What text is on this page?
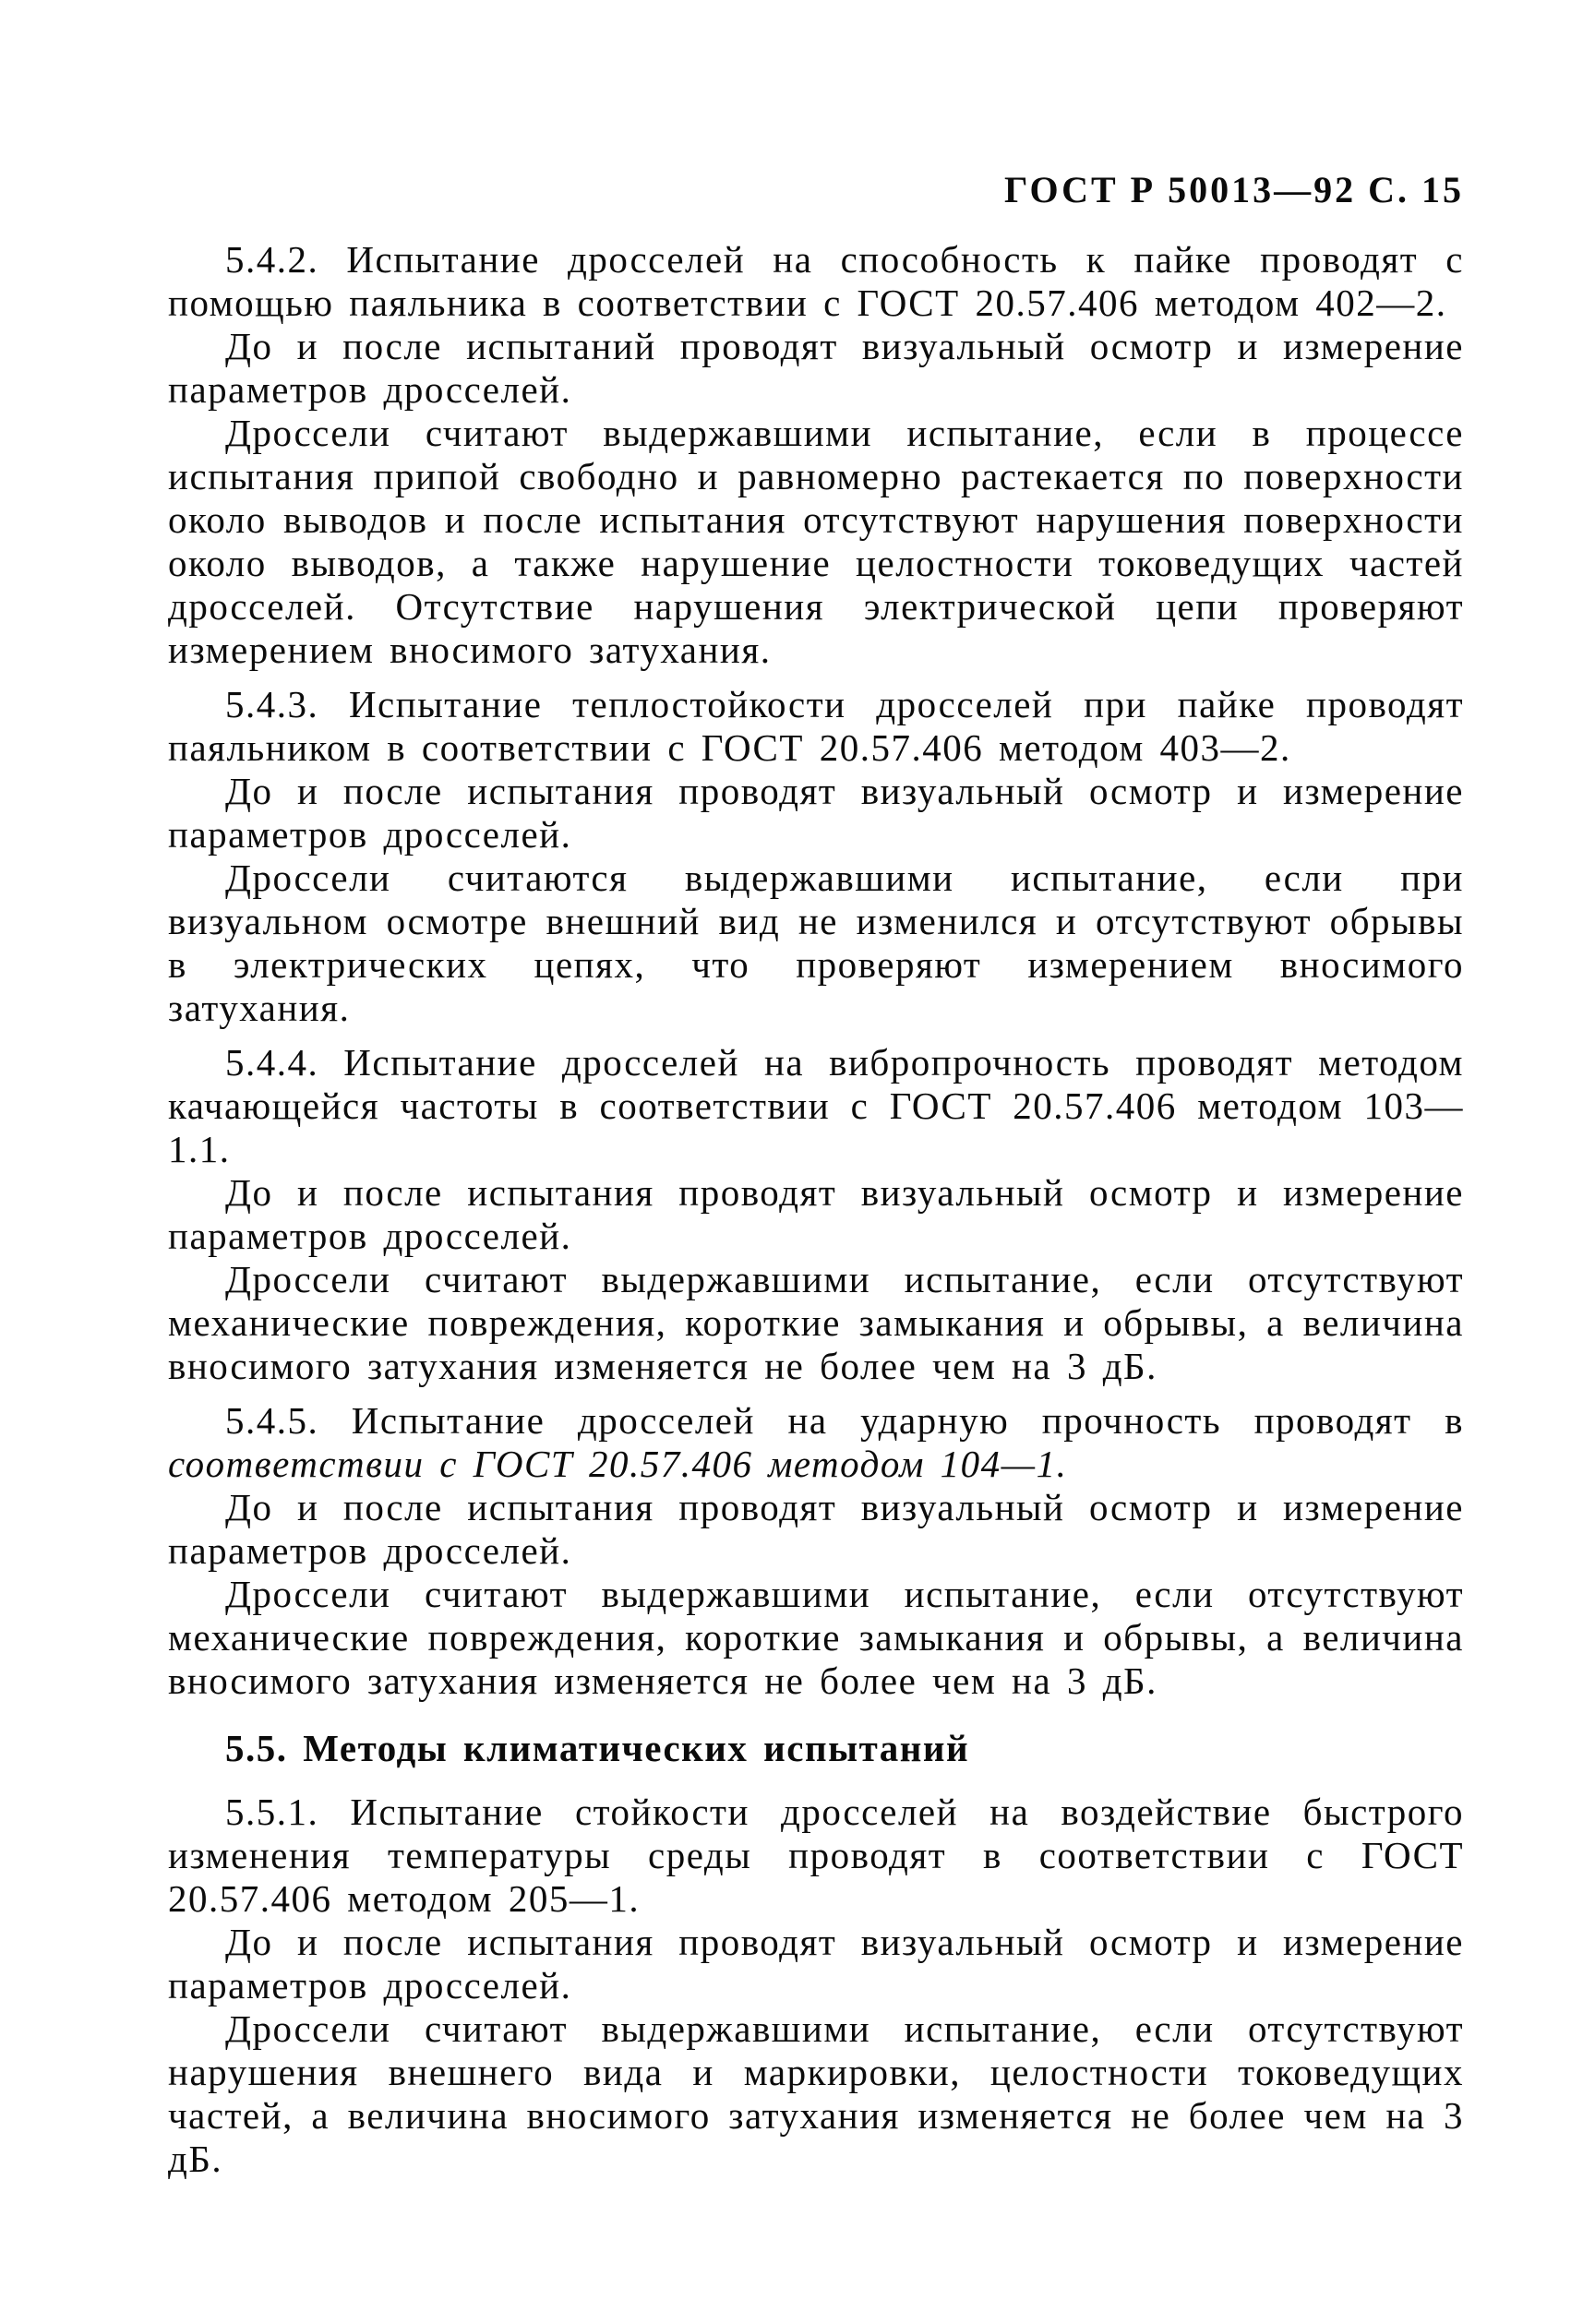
ГОСТ Р 50013—92 С. 15

5.4.2. Испытание дросселей на способность к пайке проводят с помощью паяльника в соответствии с ГОСТ 20.57.406 методом 402—2.

До и после испытаний проводят визуальный осмотр и измерение параметров дросселей.

Дроссели считают выдержавшими испытание, если в процессе испытания припой свободно и равномерно растекается по поверхности около выводов и после испытания отсутствуют нарушения поверхности около выводов, а также нарушение целостности токоведущих частей дросселей. Отсутствие нарушения электрической цепи проверяют измерением вносимого затухания.

5.4.3. Испытание теплостойкости дросселей при пайке проводят паяльником в соответствии с ГОСТ 20.57.406 методом 403—2.

До и после испытания проводят визуальный осмотр и измерение параметров дросселей.

Дроссели считаются выдержавшими испытание, если при визуальном осмотре внешний вид не изменился и отсутствуют обрывы в электрических цепях, что проверяют измерением вносимого затухания.

5.4.4. Испытание дросселей на вибропрочность проводят методом качающейся частоты в соответствии с ГОСТ 20.57.406 методом 103—1.1.

До и после испытания проводят визуальный осмотр и измерение параметров дросселей.

Дроссели считают выдержавшими испытание, если отсутствуют механические повреждения, короткие замыкания и обрывы, а величина вносимого затухания изменяется не более чем на 3 дБ.

5.4.5. Испытание дросселей на ударную прочность проводят в соответствии с ГОСТ 20.57.406 методом 104—1.

До и после испытания проводят визуальный осмотр и измерение параметров дросселей.

Дроссели считают выдержавшими испытание, если отсутствуют механические повреждения, короткие замыкания и обрывы, а величина вносимого затухания изменяется не более чем на 3 дБ.

5.5. Методы климатических испытаний

5.5.1. Испытание стойкости дросселей на воздействие быстрого изменения температуры среды проводят в соответствии с ГОСТ 20.57.406 методом 205—1.

До и после испытания проводят визуальный осмотр и измерение параметров дросселей.

Дроссели считают выдержавшими испытание, если отсутствуют нарушения внешнего вида и маркировки, целостности токоведущих частей, а величина вносимого затухания изменяется не более чем на 3 дБ.
